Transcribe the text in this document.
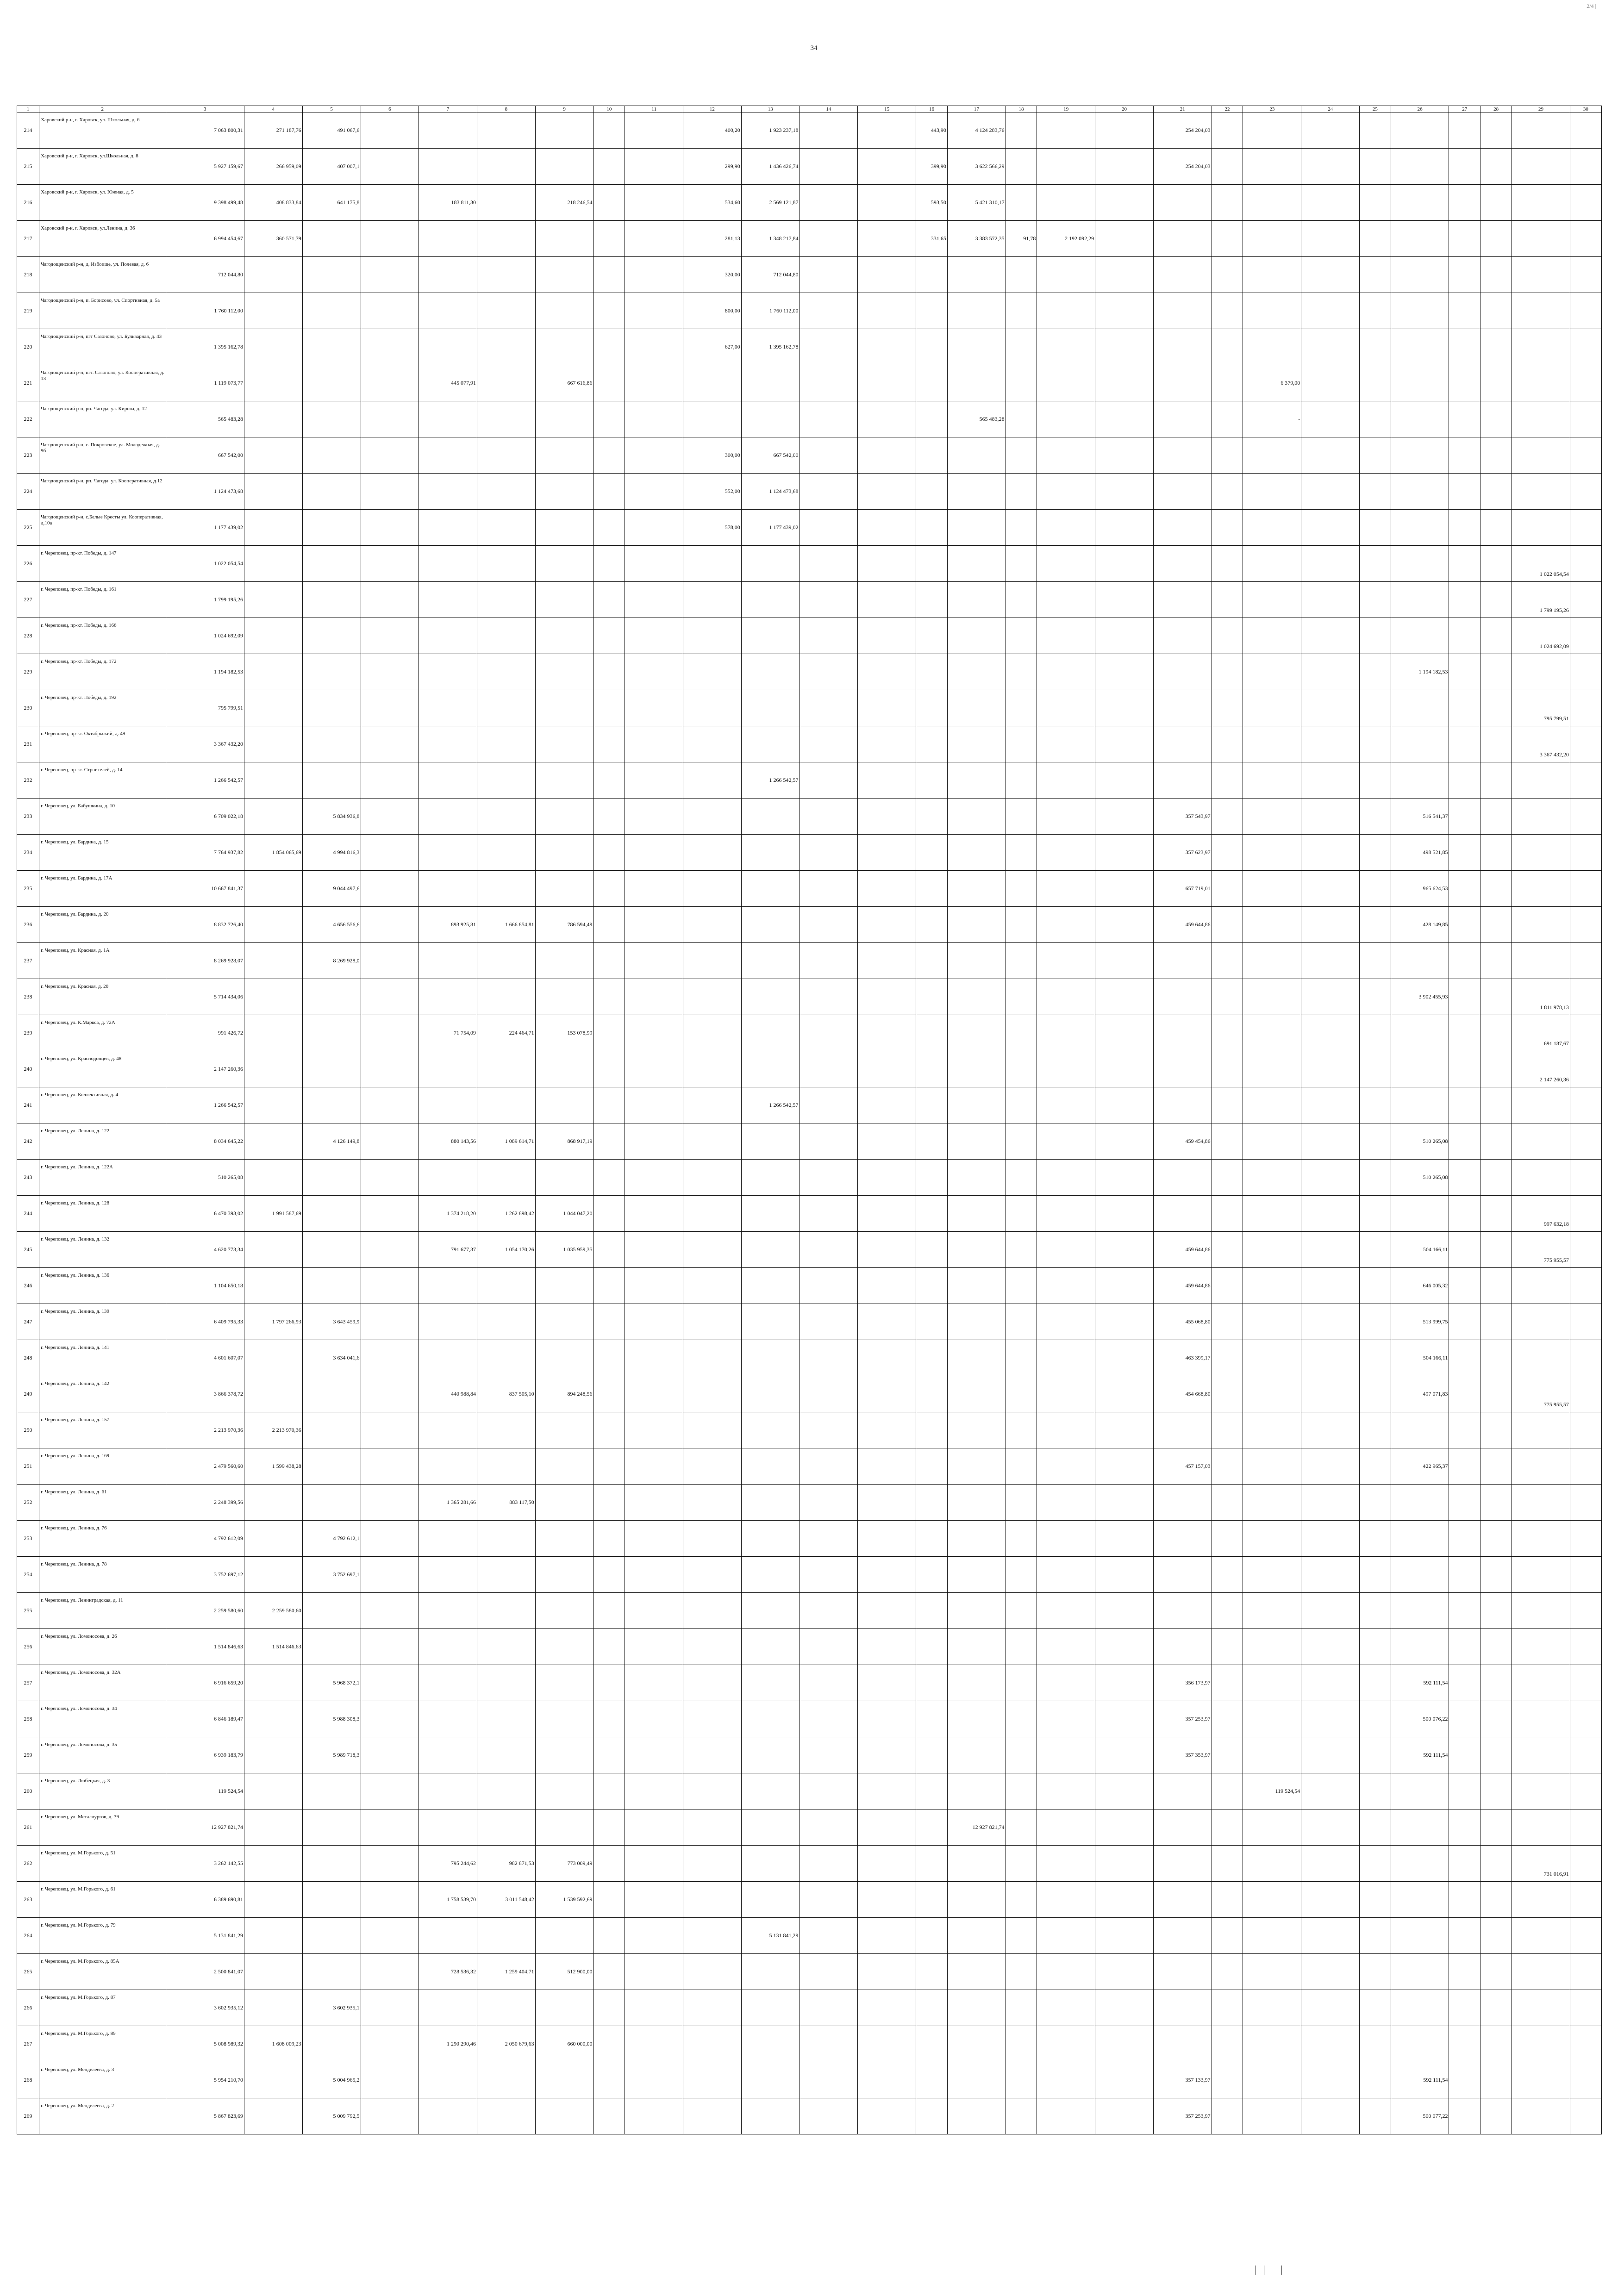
34
2/4 |
1	2	3	4	5	6	7	8	9	10	11	12	13	14	15	16	17	18	19	20	21	22	23	24	25	26	27	28	29	30
214	Харовский р-н, г. Харовск, ул. Школьная, д. 6	7 063 800,31	271 187,76	491 067,6							400,20	1 923 237,18			443,90	4 124 283,76				254 204,03									
215	Харовский р-н, г. Харовск, ул.Школьная, д. 8	5 927 159,67	266 959,09	407 007,1							299,90	1 436 426,74			399,90	3 622 566,29				254 204,03									
216	Харовский р-н, г. Харовск, ул. Южная, д. 5	9 398 499,48	408 833,84	641 175,8		183 811,30		218 246,54			534,60	2 569 121,87			593,50	5 421 310,17													
217	Харовский р-н, г. Харовск, ул.Ленина, д. 36	6 994 454,67	360 571,79								281,13	1 348 217,84			331,65	3 383 572,35	91,78	2 192 092,29											
218	Чагодощенский р-н, д. Избоище, ул. Полевая, д. 6	712 044,80									320,00	712 044,80																	
219	Чагодощенский р-н, п. Борисово, ул. Спортивная, д. 5а	1 760 112,00									800,00	1 760 112,00																	
220	Чагодощенский р-н, пгт Сазоново, ул. Бульварная, д. 43	1 395 162,78									627,00	1 395 162,78																	
221	Чагодощенский р-н, пгт. Сазоново, ул. Кооперативная, д. 13	1 119 073,77				445 077,91		667 616,86														6 379,00							
222	Чагодощенский р-н, рп. Чагода, ул. Кирова, д. 12	565 483,28														565 483,28						-							
223	Чагодощенский р-н, с. Покровское, ул. Молодежная, д. 9б	667 542,00									300,00	667 542,00																	
224	Чагодощенский р-н, рп. Чагода, ул. Кооперативная, д.12	1 124 473,68									552,00	1 124 473,68																	
225	Чагодощенский р-н, с.Белые Кресты ул. Кооперативная, д.10а	1 177 439,02									578,00	1 177 439,02																	
226	г. Череповец, пр-кт. Победы, д. 147	1 022 054,54																										1 022 054,54	
227	г. Череповец, пр-кт. Победы, д. 161	1 799 195,26																										1 799 195,26	
228	г. Череповец, пр-кт. Победы, д. 166	1 024 692,09																										1 024 692,09	
229	г. Череповец, пр-кт. Победы, д. 172	1 194 182,53																							1 194 182,53				
230	г. Череповец, пр-кт. Победы, д. 192	795 799,51																										795 799,51	
231	г. Череповец, пр-кт. Октябрьский, д. 49	3 367 432,20																										3 367 432,20	
232	г. Череповец, пр-кт. Строителей, д. 14	1 266 542,57										1 266 542,57																	
233	г. Череповец, ул. Бабушкина, д. 10	6 709 022,18		5 834 936,8																357 543,97					516 541,37				
234	г. Череповец, ул. Бардина, д. 15	7 764 937,82	1 854 065,69	4 994 816,3																357 623,97					498 521,85				
235	г. Череповец, ул. Бардина, д. 17А	10 667 841,37		9 044 497,6																657 719,01					965 624,53				
236	г. Череповец, ул. Бардина, д. 20	8 832 726,40		4 656 556,6		893 925,81	1 666 854,81	786 594,49												459 644,86					428 149,85				
237	г. Череповец, ул. Красная, д. 1А	8 269 928,07		8 269 928,0																									
238	г. Череповец, ул. Красная, д. 20	5 714 434,06																							3 902 455,93			1 811 978,13	
239	г. Череповец, ул. К.Маркса, д. 72А	991 426,72				71 754,09	224 464,71	153 078,99																				691 187,67	
240	г. Череповец, ул. Краснодонцев, д. 48	2 147 260,36																										2 147 260,36	
241	г. Череповец, ул. Коллективная, д. 4	1 266 542,57										1 266 542,57																	
242	г. Череповец, ул. Ленина, д. 122	8 034 645,22		4 126 149,8		880 143,56	1 089 614,71	868 917,19												459 454,86					510 265,08				
243	г. Череповец, ул. Ленина, д. 122А	510 265,08																							510 265,08				
244	г. Череповец, ул. Ленина, д. 128	6 470 393,02	1 991 587,69			1 374 218,20	1 262 898,42	1 044 047,20																				997 632,18	
245	г. Череповец, ул. Ленина, д. 132	4 620 773,34				791 677,37	1 054 170,26	1 035 959,35												459 644,86					504 166,11			775 955,57	
246	г. Череповец, ул. Ленина, д. 136	1 104 650,18																		459 644,86					646 005,32				
247	г. Череповец, ул. Ленина, д. 139	6 409 795,33	1 797 266,93	3 643 459,9																455 068,80					513 999,75				
248	г. Череповец, ул. Ленина, д. 141	4 601 607,07		3 634 041,6																463 399,17					504 166,11				
249	г. Череповец, ул. Ленина, д. 142	3 866 378,72				440 988,84	837 505,10	894 248,56												454 668,80					497 071,83			775 955,57	
250	г. Череповец, ул. Ленина, д. 157	2 213 970,36	2 213 970,36																										
251	г. Череповец, ул. Ленина, д. 169	2 479 560,60	1 599 438,28																	457 157,03					422 965,37				
252	г. Череповец, ул. Ленина, д. 61	2 248 399,56				1 365 281,66	883 117,50																						
253	г. Череповец, ул. Ленина, д. 76	4 792 612,09		4 792 612,1																									
254	г. Череповец, ул. Ленина, д. 78	3 752 697,12		3 752 697,1																									
255	г. Череповец, ул. Ленинградская, д. 11	2 259 580,60	2 259 580,60																										
256	г. Череповец, ул. Ломоносова, д. 26	1 514 846,63	1 514 846,63																										
257	г. Череповец, ул. Ломоносова, д. 32А	6 916 659,20		5 968 372,1																356 173,97					592 111,54				
258	г. Череповец, ул. Ломоносова, д. 34	6 846 189,47		5 988 308,3																357 253,97					500 076,22				
259	г. Череповец, ул. Ломоносова, д. 35	6 939 183,79		5 989 718,3																357 353,97					592 111,54				
260	г. Череповец, ул. Любецкая, д. 3	119 524,54																				119 524,54							
261	г. Череповец, ул. Металлургов, д. 39	12 927 821,74														12 927 821,74													
262	г. Череповец, ул. М.Горького, д. 51	3 262 142,55				795 244,62	982 871,53	773 009,49																				731 016,91	
263	г. Череповец, ул. М.Горького, д. 61	6 389 690,81				1 758 539,70	3 011 548,42	1 539 592,69																					
264	г. Череповец, ул. М.Горького, д. 79	5 131 841,29										5 131 841,29																	
265	г. Череповец, ул. М.Горького, д. 85А	2 500 841,07				728 536,32	1 259 404,71	512 900,00																					
266	г. Череповец, ул. М.Горького, д. 87	3 602 935,12		3 602 935,1																									
267	г. Череповец, ул. М.Горького, д. 89	5 008 989,32	1 608 009,23			1 290 290,46	2 050 679,63	660 000,00																					
268	г. Череповец, ул. Менделеева, д. 3	5 954 210,70		5 004 965,2																357 133,97					592 111,54				
269	г. Череповец, ул. Менделеева, д. 2	5 867 823,69		5 009 792,5																357 253,97					500 077,22				
|| |
